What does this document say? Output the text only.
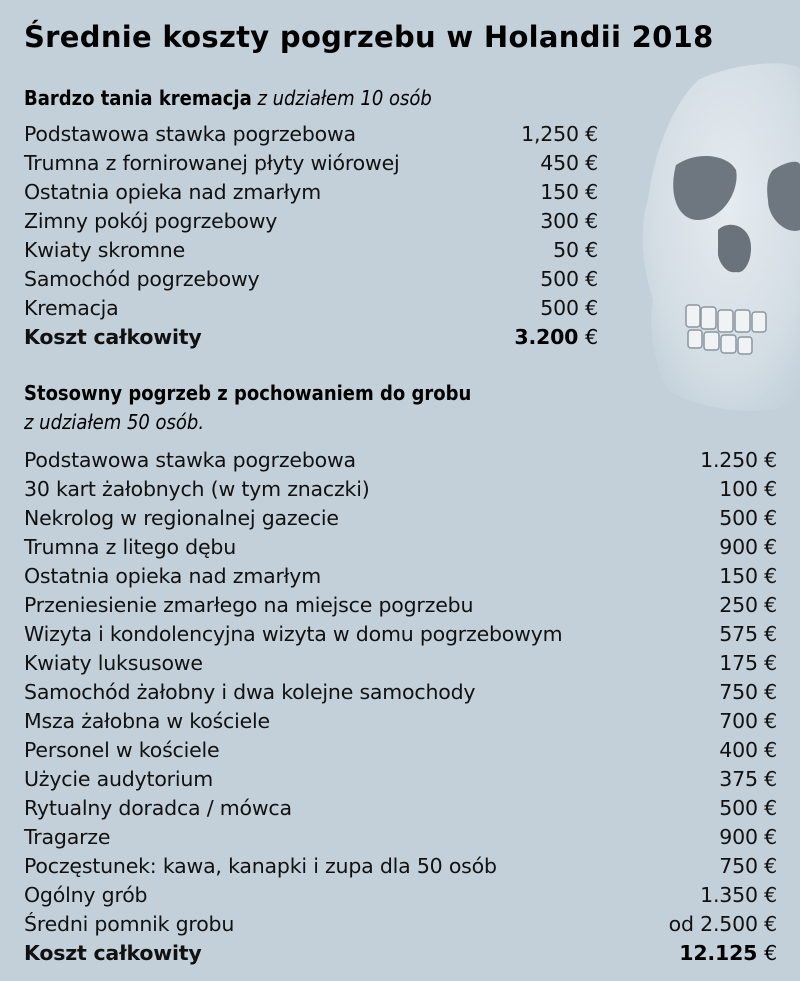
Średnie koszty pogrzebu w Holandii 2018
Bardzo tania kremacja z udziałem 10 osób
Podstawowa stawka pogrzebowa	1,250 €
Trumna z fornirowanej płyty wiórowej	450 €
Ostatnia opieka nad zmarłym	150 €
Zimny pokój pogrzebowy	300 €
Kwiaty skromne	50 €
Samochód pogrzebowy	500 €
Kremacja	500 €
Koszt całkowity	3.200 €
Stosowny pogrzeb z pochowaniem do grobu
z udziałem 50 osób.
Podstawowa stawka pogrzebowa	1.250 €
30 kart żałobnych (w tym znaczki)	100 €
Nekrolog w regionalnej gazecie	500 €
Trumna z litego dębu	900 €
Ostatnia opieka nad zmarłym	150 €
Przeniesienie zmarłego na miejsce pogrzebu	250 €
Wizyta i kondolencyjna wizyta w domu pogrzebowym	575 €
Kwiaty luksusowe	175 €
Samochód żałobny i dwa kolejne samochody	750 €
Msza żałobna w kościele	700 €
Personel w kościele	400 €
Użycie audytorium	375 €
Rytualny doradca / mówca	500 €
Tragarze	900 €
Poczęstunek: kawa, kanapki i zupa dla 50 osób	750 €
Ogólny grób	1.350 €
Średni pomnik grobu	od 2.500 €
Koszt całkowity	12.125 €
